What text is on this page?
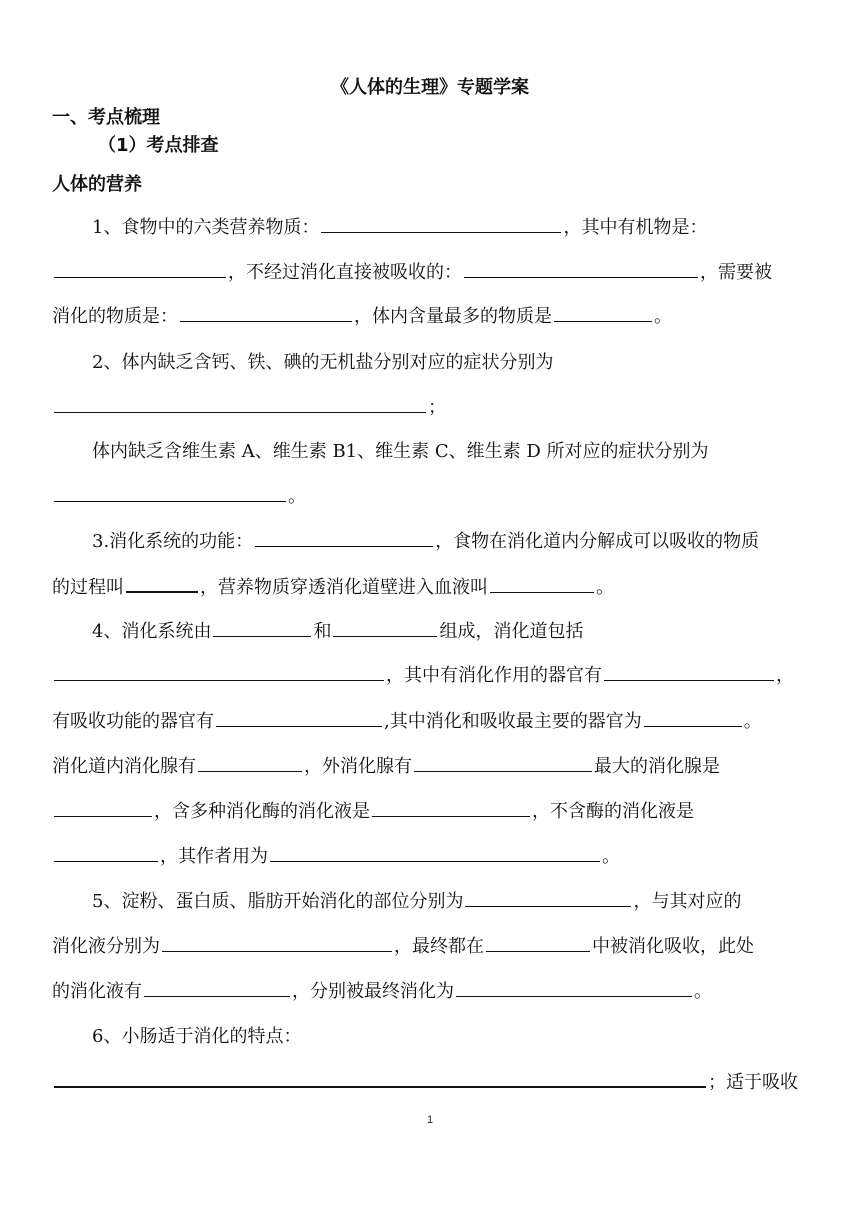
《人体的生理》专题学案
一、考点梳理
（1）考点排查
人体的营养
1、食物中的六类营养物质：	，其中有机物是：
，不经过消化直接被吸收的：	，需要被
消化的物质是：	，体内含量最多的物质是	。
2、体内缺乏含钙、铁、碘的无机盐分别对应的症状分别为
；
体内缺乏含维生素 A、维生素 B1、维生素 C、维生素 D 所对应的症状分别为
。
3.消化系统的功能：	，食物在消化道内分解成可以吸收的物质
的过程叫	，营养物质穿透消化道壁进入血液叫	。
4、消化系统由	和	组成，消化道包括
，其中有消化作用的器官有	，
有吸收功能的器官有	,其中消化和吸收最主要的器官为	。
消化道内消化腺有	，外消化腺有	最大的消化腺是
，含多种消化酶的消化液是	，不含酶的消化液是
，其作者用为	。
5、淀粉、蛋白质、脂肪开始消化的部位分别为	，与其对应的
消化液分别为	，最终都在	中被消化吸收，此处
的消化液有	，分别被最终消化为	。
6、小肠适于消化的特点：
；适于吸收
1
